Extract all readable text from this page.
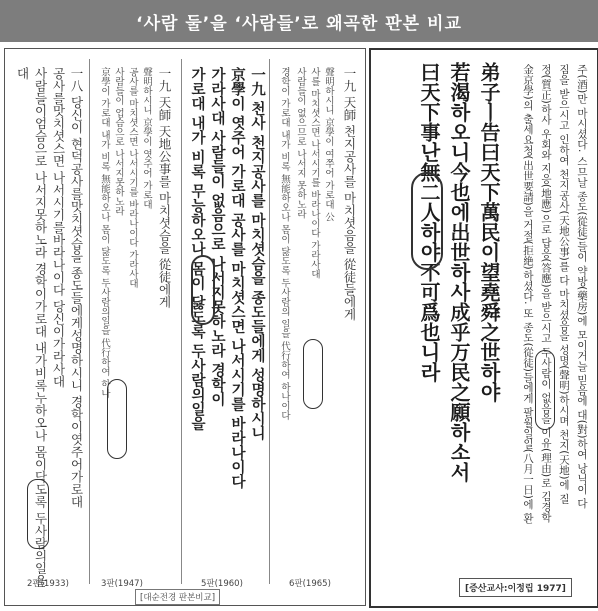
‘사람 둘’을 ‘사람들’로 왜곡한 판본 비교
一九 天師 천지공사를 마치셧음을 從徒들에게
聲明하시니 京學이 여쭈어 가로대 公
사를 마치셧스면 나서시기를 바라나이다 가라사대
사람들이 없으므로 나서지 못하노라
경학이 가로대 내가 비록 無能하오나 몸이 닳도록 두사람의 일을 代行하여 하나이다
6판(1965)
一九 천사 천지공사를 마치셧슴을 종도들에게 성명하시니
京學이 엿주어 가로대 공사를 마치셧스면 나서시기를 바라나이다
가라사대 사람들이 없음으로 나서지못하노라 경학이
가로대 내가 비록 무능하오나 몸이 닳도록 두사람의일을
5판(1960)
一九 天師 天地公事를 마치셧슴을 從徒에게
聲明하시니 京學이 엿주어 가로대
공사를 마치셧스면 나서시기를 바라나이다 가라사대
사람들이 업슴으로 나서지못하노라
京學이 가로대 내가 비록 無能하오나 몸이 닳도록 두사람의일을 代行하여 하나
3판(1947)
一八 당신이 현덕공사를맛치셧습을 종도들에게성명하시니 경학이엿주어가로대
공사를맛치셧스면 나서시기를바라나이다 당신이가라사대
사람들이엄슴으로 나서지못하노라 경학이가로대 내가비록누하오나 몸이닥도록 두사람의일을
대
2판(1933)
[대순전경 판본비교]
주(酒)만 마시셨다. 스므날 종도(從徒)들이 약방(藥房)에 모이거늘 믿음에 대(對)하여 낭닉이 다
짐을 받으시고 인하여 천지공사(天地公事)를 다 마치셨음을 성명(聲明)하시며 천지(天地)에 질
정(質正)하사 우회와 지응(地應)으로 답응(答應)을 받으시고 두사람이 없음을 이유(理由)로 김경학
金京學)의 출세요청(出世要請)을 거절(拒絶)하셨다. 또 종도(從徒)들에게 팔월일일(八月一日)에 환
弟子ㅣ告曰天下萬民이望堯舜之世하야
若渴하오니今也에出世하사成乎万民之願하소서
曰天下事난無二人하야不可爲也니라
[증산교사:이정립 1977]
